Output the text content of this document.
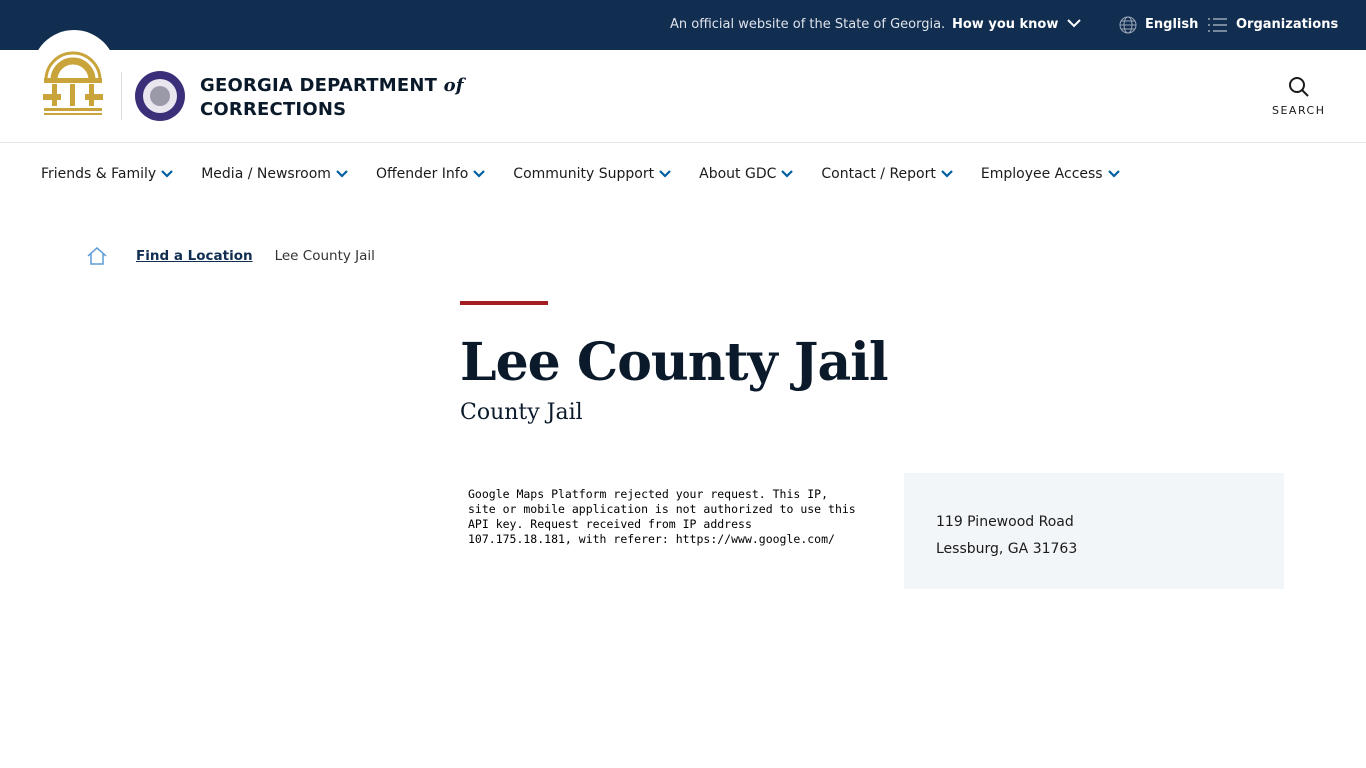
An official website of the State of Georgia. How you know	English	Organizations
GEORGIA DEPARTMENT of
CORRECTIONS	SEARCH
Friends & Family	Media / Newsroom	Offender Info	Community Support	About GDC	Contact / Report	Employee Access
Find a Location Lee County Jail
Lee County Jail
County Jail
Google Maps Platform rejected your request. This IP, site or mobile application is not authorized to use this API key. Request received from IP address 107.175.18.181, with referer: https://www.google.com/
119 Pinewood Road
Lessburg, GA 31763
